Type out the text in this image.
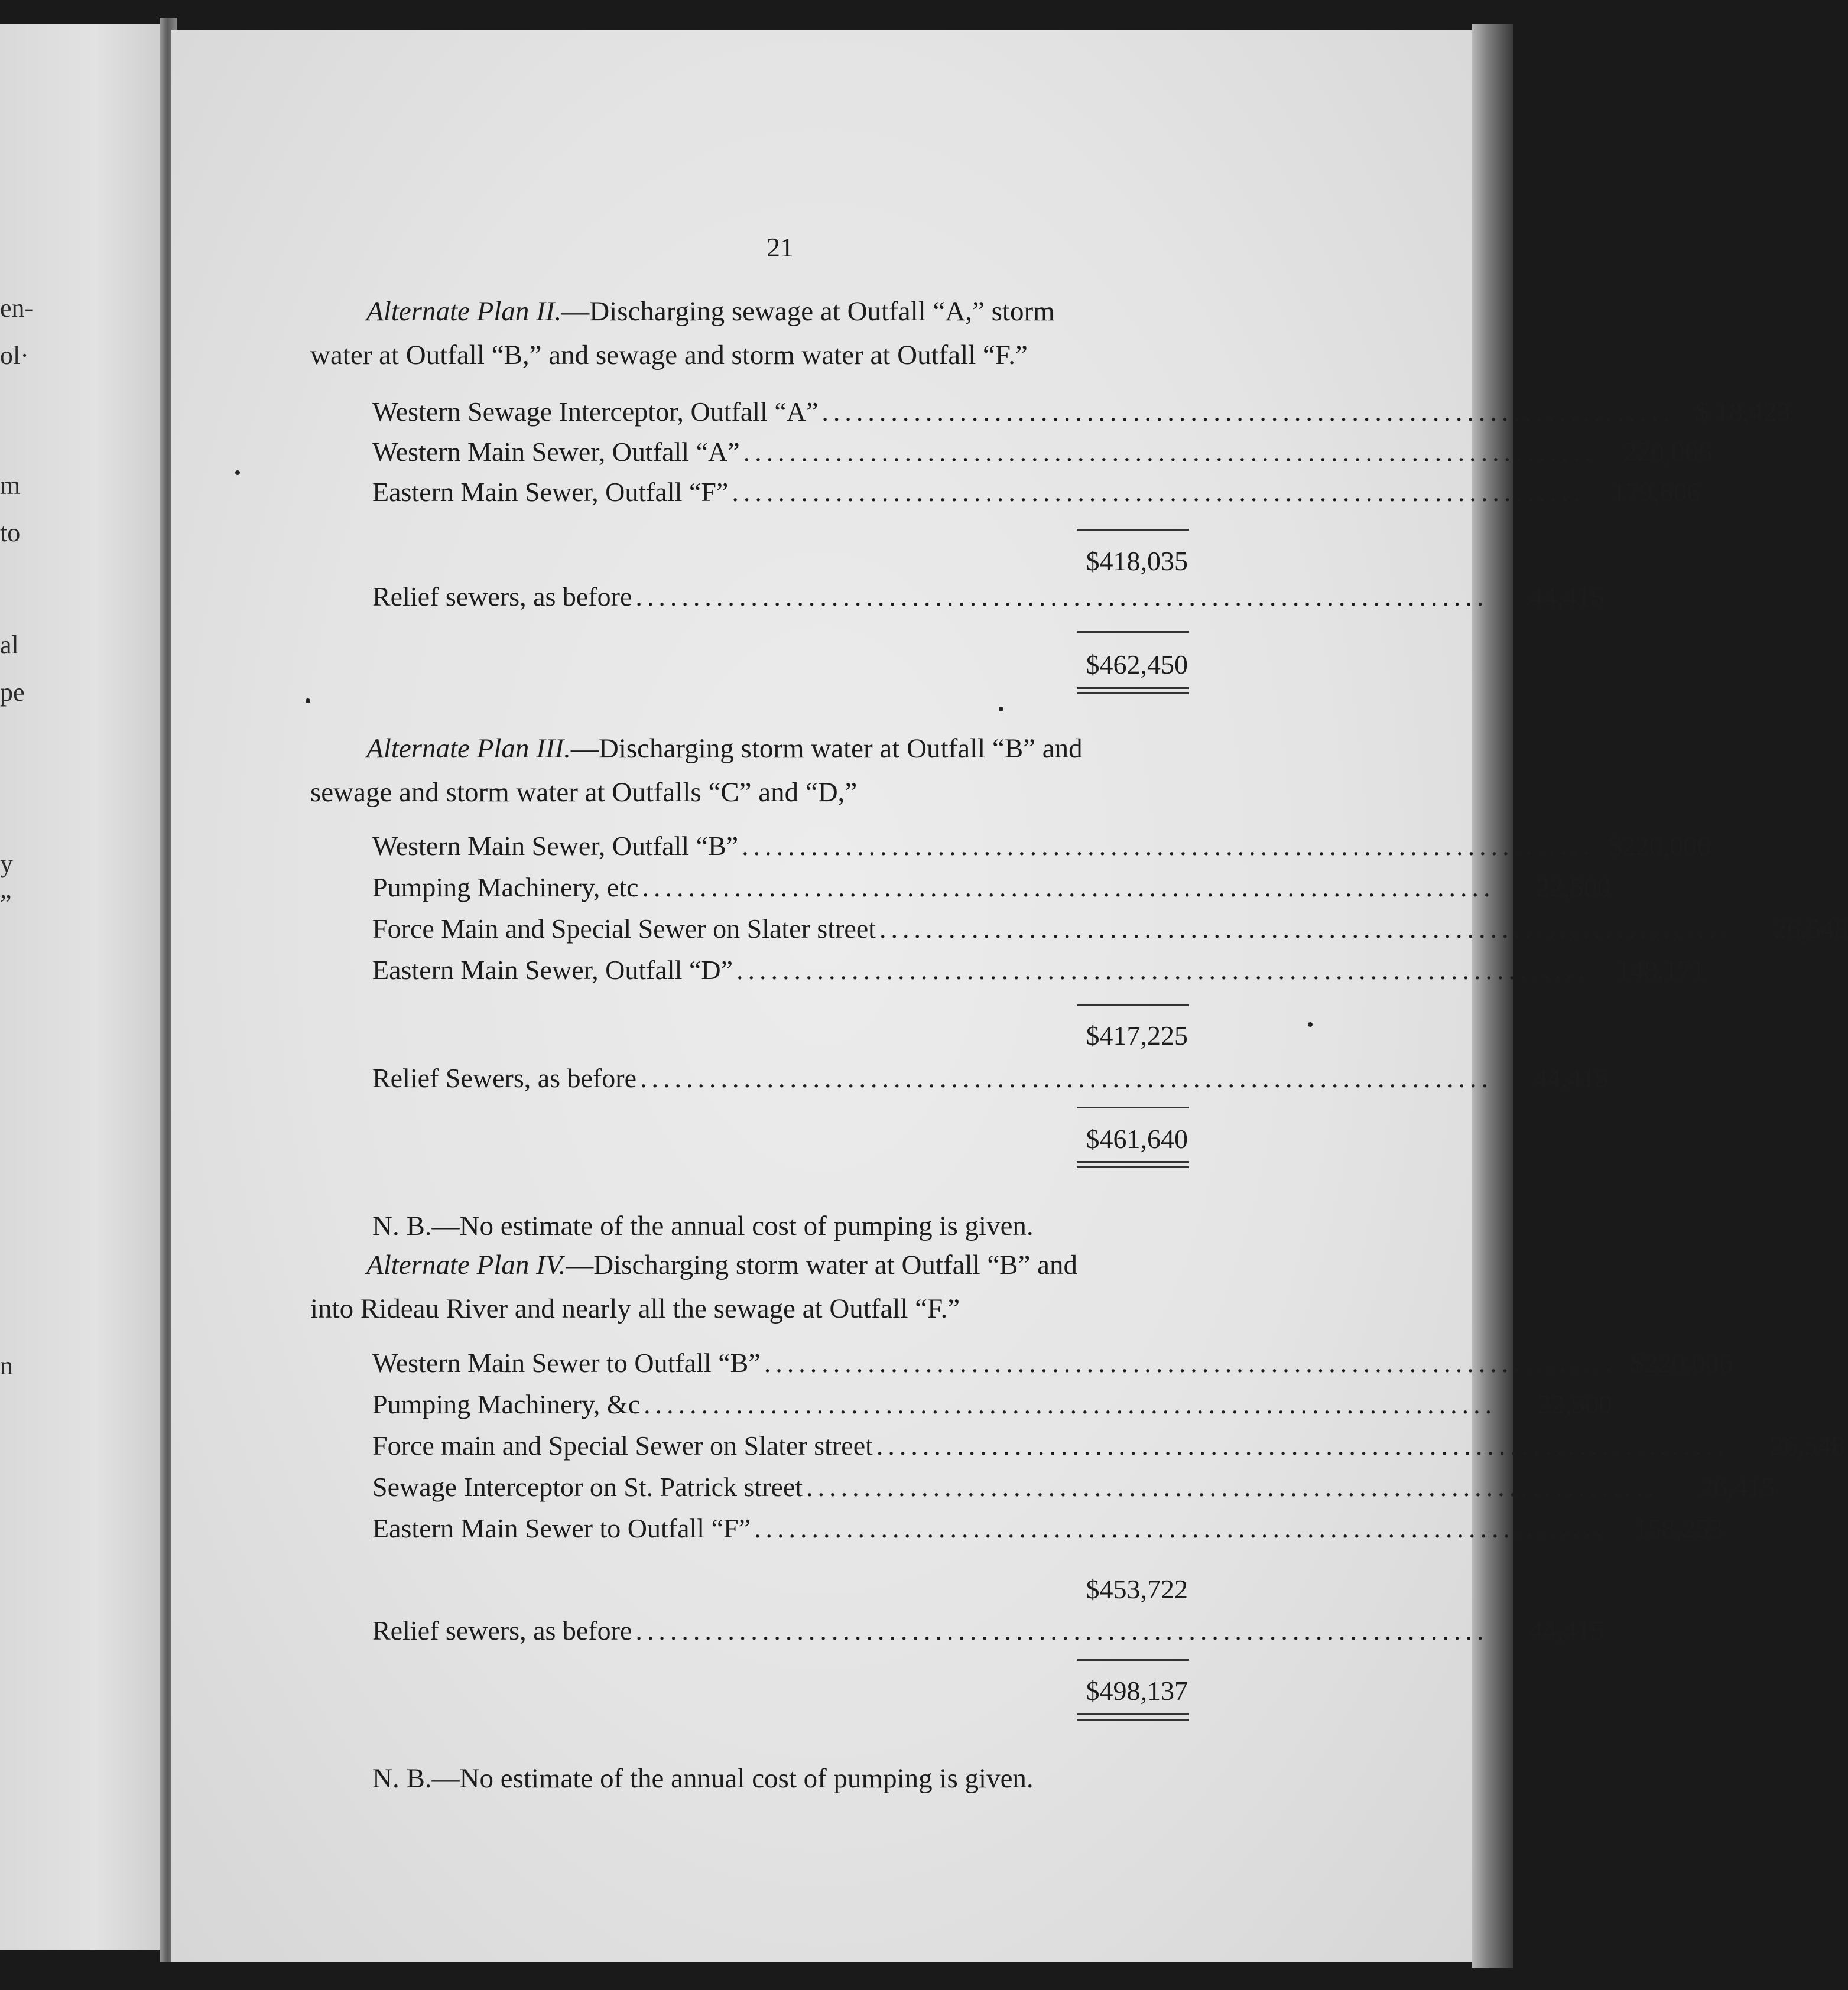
en-
ol·
m
to
al
pe
y
”
n
21
Alternate Plan II.—Discharging sewage at Outfall “A,” storm
water at Outfall “B,” and sewage and storm water at Outfall “F.”
Western Sewage Interceptor, Outfall “A” .......................................................................... $ 18,423
Western Main Sewer, Outfall “A” ..........................................................................	220,006
Eastern Main Sewer, Outfall “F” ..........................................................................	179,606
$418,035
Relief sewers, as before ..........................................................................	44,415
$462,450
Alternate Plan III.—Discharging storm water at Outfall “B” and
sewage and storm water at Outfalls “C” and “D,”
Western Main Sewer, Outfall “B” .......................................................................... $220,006
Pumping Machinery, etc ..........................................................................	22,500
Force Main and Special Sewer on Slater street ..........................................................................	26,548
Eastern Main Sewer, Outfall “D” ..........................................................................	148,171
$417,225
Relief Sewers, as before ..........................................................................	44,415
$461,640
N. B.—No estimate of the annual cost of pumping is given.
Alternate Plan IV.—Discharging storm water at Outfall “B” and
into Rideau River and nearly all the sewage at Outfall “F.”
Western Main Sewer to Outfall “B” .......................................................................... $220,006
Pumping Machinery, &c ..........................................................................	22,500
Force main and Special Sewer on Slater street ..........................................................................	26,548
Sewage Interceptor on St. Patrick street ..........................................................................	26,415
Eastern Main Sewer to Outfall “F” ..........................................................................	158,253
$453,722
Relief sewers, as before ..........................................................................	44,415
$498,137
N. B.—No estimate of the annual cost of pumping is given.
